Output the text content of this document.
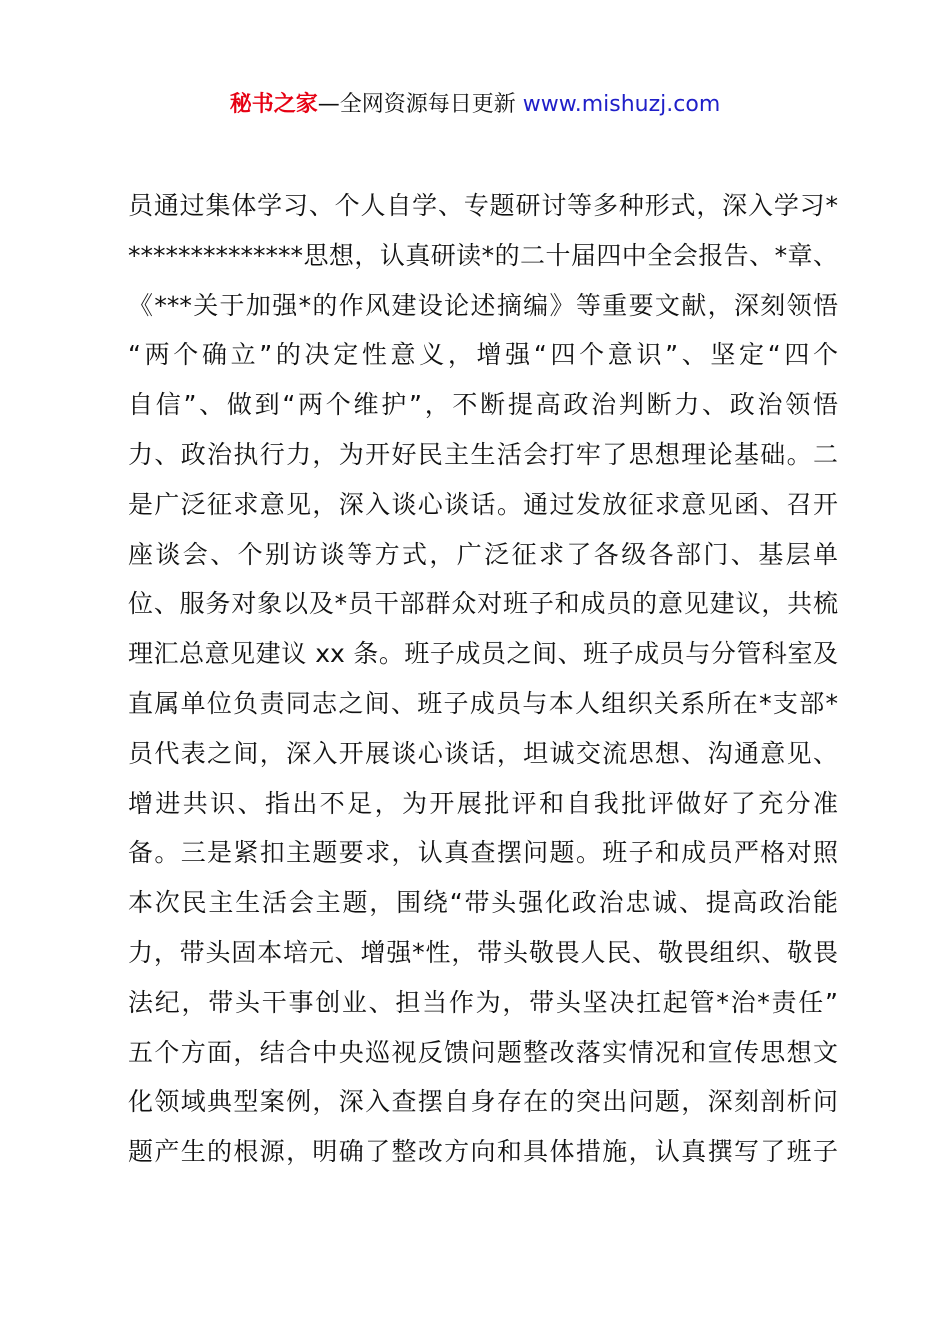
秘书之家—全网资源每日更新 www.mishuzj.com
员通过集体学习、个人自学、专题研讨等多种形式，深入学习*
**************思想，认真研读*的二十届四中全会报告、*章、
《***关于加强*的作风建设论述摘编》等重要文献，深刻领悟
“两个确立”的决定性意义，增强“四个意识”、坚定“四个
自信”、做到“两个维护”，不断提高政治判断力、政治领悟
力、政治执行力，为开好民主生活会打牢了思想理论基础。二
是广泛征求意见，深入谈心谈话。通过发放征求意见函、召开
座谈会、个别访谈等方式，广泛征求了各级各部门、基层单
位、服务对象以及*员干部群众对班子和成员的意见建议，共梳
理汇总意见建议 xx 条。班子成员之间、班子成员与分管科室及
直属单位负责同志之间、班子成员与本人组织关系所在*支部*
员代表之间，深入开展谈心谈话，坦诚交流思想、沟通意见、
增进共识、指出不足，为开展批评和自我批评做好了充分准
备。三是紧扣主题要求，认真查摆问题。班子和成员严格对照
本次民主生活会主题，围绕“带头强化政治忠诚、提高政治能
力，带头固本培元、增强*性，带头敬畏人民、敬畏组织、敬畏
法纪，带头干事创业、担当作为，带头坚决扛起管*治*责任”
五个方面，结合中央巡视反馈问题整改落实情况和宣传思想文
化领域典型案例，深入查摆自身存在的突出问题，深刻剖析问
题产生的根源，明确了整改方向和具体措施，认真撰写了班子
